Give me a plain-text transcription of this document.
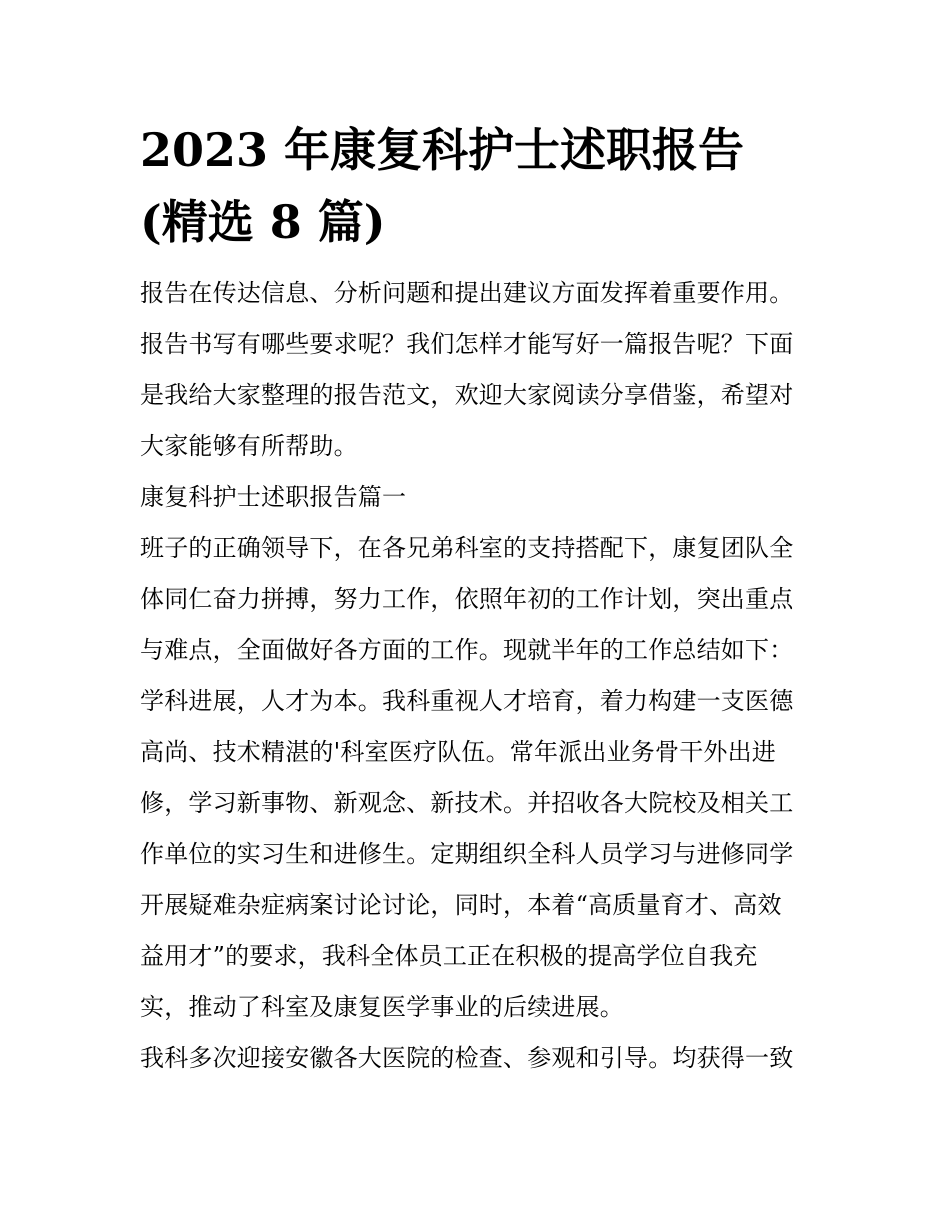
2023 年康复科护士述职报告

(精选 8 篇)

报告在传达信息、分析问题和提出建议方面发挥着重要作用。

报告书写有哪些要求呢？我们怎样才能写好一篇报告呢？下面

是我给大家整理的报告范文，欢迎大家阅读分享借鉴，希望对

大家能够有所帮助。

康复科护士述职报告篇一

班子的正确领导下，在各兄弟科室的支持搭配下，康复团队全

体同仁奋力拼搏，努力工作，依照年初的工作计划，突出重点

与难点，全面做好各方面的工作。现就半年的工作总结如下：

学科进展，人才为本。我科重视人才培育，着力构建一支医德

高尚、技术精湛的'科室医疗队伍。常年派出业务骨干外出进

修，学习新事物、新观念、新技术。并招收各大院校及相关工

作单位的实习生和进修生。定期组织全科人员学习与进修同学

开展疑难杂症病案讨论讨论，同时，本着“高质量育才、高效

益用才”的要求，我科全体员工正在积极的提高学位自我充

实，推动了科室及康复医学事业的后续进展。

我科多次迎接安徽各大医院的检查、参观和引导。均获得一致
